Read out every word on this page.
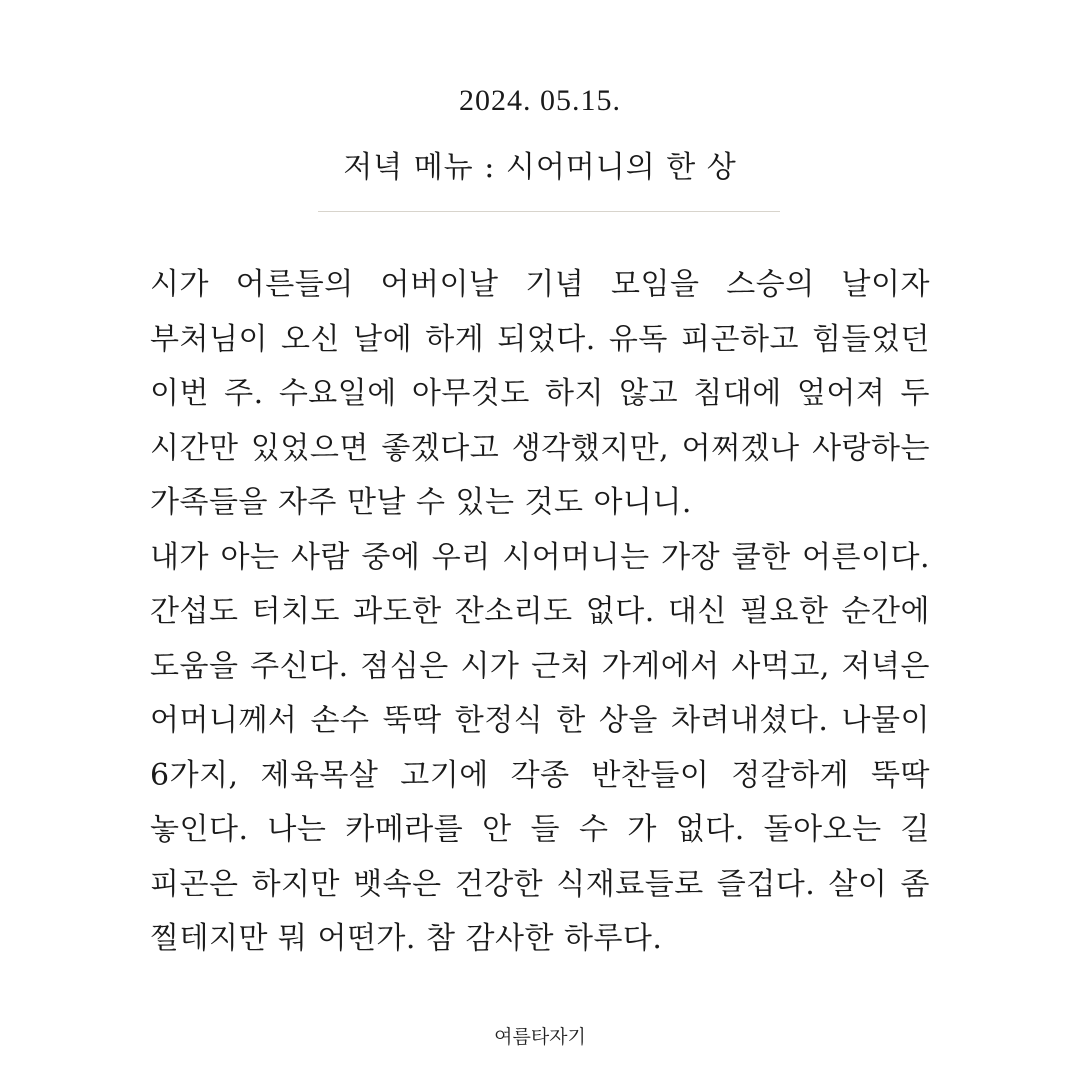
2024. 05.15.
저녁 메뉴 : 시어머니의 한 상

시가 어른들의 어버이날 기념 모임을 스승의 날이자 부처님이 오신 날에 하게 되었다. 유독 피곤하고 힘들었던 이번 주. 수요일에 아무것도 하지 않고 침대에 엎어져 두 시간만 있었으면 좋겠다고 생각했지만, 어쩌겠나 사랑하는 가족들을 자주 만날 수 있는 것도 아니니.

내가 아는 사람 중에 우리 시어머니는 가장 쿨한 어른이다. 간섭도 터치도 과도한 잔소리도 없다. 대신 필요한 순간에 도움을 주신다. 점심은 시가 근처 가게에서 사먹고, 저녁은 어머니께서 손수 뚝딱 한정식 한 상을 차려내셨다. 나물이 6가지, 제육목살 고기에 각종 반찬들이 정갈하게 뚝딱 놓인다. 나는 카메라를 안 들 수 가 없다. 돌아오는 길 피곤은 하지만 뱃속은 건강한 식재료들로 즐겁다. 살이 좀 찔테지만 뭐 어떤가. 참 감사한 하루다.

여름타자기
